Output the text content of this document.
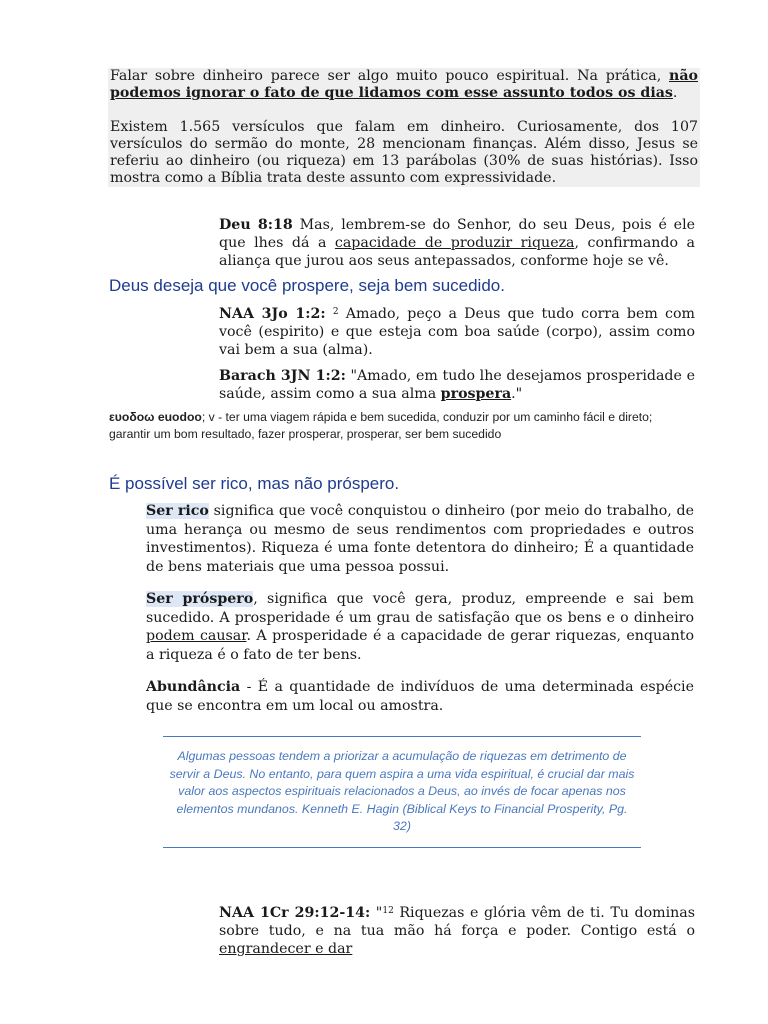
Falar sobre dinheiro parece ser algo muito pouco espiritual. Na prática, não podemos ignorar o fato de que lidamos com esse assunto todos os dias.

Existem 1.565 versículos que falam em dinheiro. Curiosamente, dos 107 versículos do sermão do monte, 28 mencionam finanças. Além disso, Jesus se referiu ao dinheiro (ou riqueza) em 13 parábolas (30% de suas histórias). Isso mostra como a Bíblia trata deste assunto com expressividade.

Deu 8:18 Mas, lembrem-se do Senhor, do seu Deus, pois é ele que lhes dá a capacidade de produzir riqueza, confirmando a aliança que jurou aos seus antepassados, conforme hoje se vê.

Deus deseja que você prospere, seja bem sucedido.

NAA 3Jo 1:2: $^2$ Amado, peço a Deus que tudo corra bem com você (espirito) e que esteja com boa saúde (corpo), assim como vai bem a sua (alma).

Barach 3JN 1:2: "Amado, em tudo lhe desejamos prosperidade e saúde, assim como a sua alma prospera."

ευοδοω euodoo; v - ter uma viagem rápida e bem sucedida, conduzir por um caminho fácil e direto; garantir um bom resultado, fazer prosperar, prosperar, ser bem sucedido

É possível ser rico, mas não próspero.

Ser rico significa que você conquistou o dinheiro (por meio do trabalho, de uma herança ou mesmo de seus rendimentos com propriedades e outros investimentos). Riqueza é uma fonte detentora do dinheiro; É a quantidade de bens materiais que uma pessoa possui.

Ser próspero, significa que você gera, produz, empreende e sai bem sucedido. A prosperidade é um grau de satisfação que os bens e o dinheiro podem causar. A prosperidade é a capacidade de gerar riquezas, enquanto a riqueza é o fato de ter bens.

Abundância - É a quantidade de indivíduos de uma determinada espécie que se encontra em um local ou amostra.

Algumas pessoas tendem a priorizar a acumulação de riquezas em detrimento de servir a Deus. No entanto, para quem aspira a uma vida espiritual, é crucial dar mais valor aos aspectos espirituais relacionados a Deus, ao invés de focar apenas nos elementos mundanos. Kenneth E. Hagin (Biblical Keys to Financial Prosperity, Pg. 32)

NAA 1Cr 29:12-14: "$^{12}$ Riquezas e glória vêm de ti. Tu dominas sobre tudo, e na tua mão há força e poder. Contigo está o engrandecer e dar
